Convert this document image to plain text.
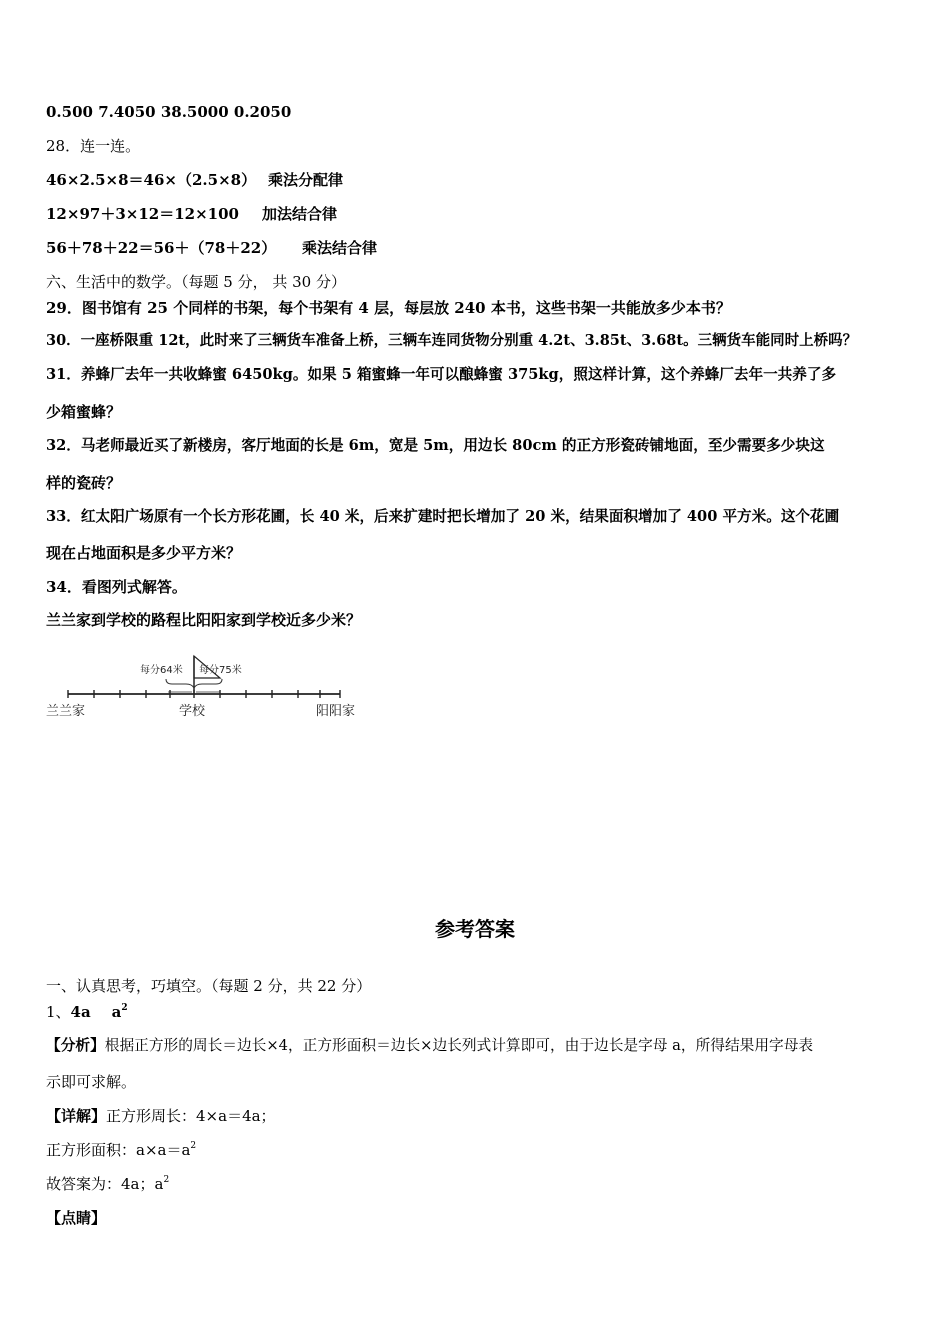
0.500 7.4050 38.5000 0.2050
28．连一连。
46×2.5×8＝46×（2.5×8） 乘法分配律
12×97＋3×12＝12×100 加法结合律
56＋78＋22＝56＋（78＋22） 乘法结合律
六、生活中的数学。（每题 5 分， 共 30 分）
29．图书馆有 25 个同样的书架，每个书架有 4 层，每层放 240 本书，这些书架一共能放多少本书？
30．一座桥限重 12t，此时来了三辆货车准备上桥，三辆车连同货物分别重 4.2t、3.85t、3.68t。三辆货车能同时上桥吗？
31．养蜂厂去年一共收蜂蜜 6450kg。如果 5 箱蜜蜂一年可以酿蜂蜜 375kg，照这样计算，这个养蜂厂去年一共养了多
少箱蜜蜂？
32．马老师最近买了新楼房，客厅地面的长是 6m，宽是 5m，用边长 80cm 的正方形瓷砖铺地面，至少需要多少块这
样的瓷砖？
33．红太阳广场原有一个长方形花圃，长 40 米，后来扩建时把长增加了 20 米，结果面积增加了 400 平方米。这个花圃
现在占地面积是多少平方米？
34．看图列式解答。
兰兰家到学校的路程比阳阳家到学校近多少米？
每分64米 每分75米
兰兰家	学校	阳阳家
参考答案
一、认真思考，巧填空。（每题 2 分，共 22 分）
1、4a    $a^2$
【分析】根据正方形的周长＝边长×4，正方形面积＝边长×边长列式计算即可，由于边长是字母 a，所得结果用字母表
示即可求解。
【详解】正方形周长：4×a＝4a；
正方形面积：$a\times a=a^2$
故答案为：4a；$a^2$
【点睛】
